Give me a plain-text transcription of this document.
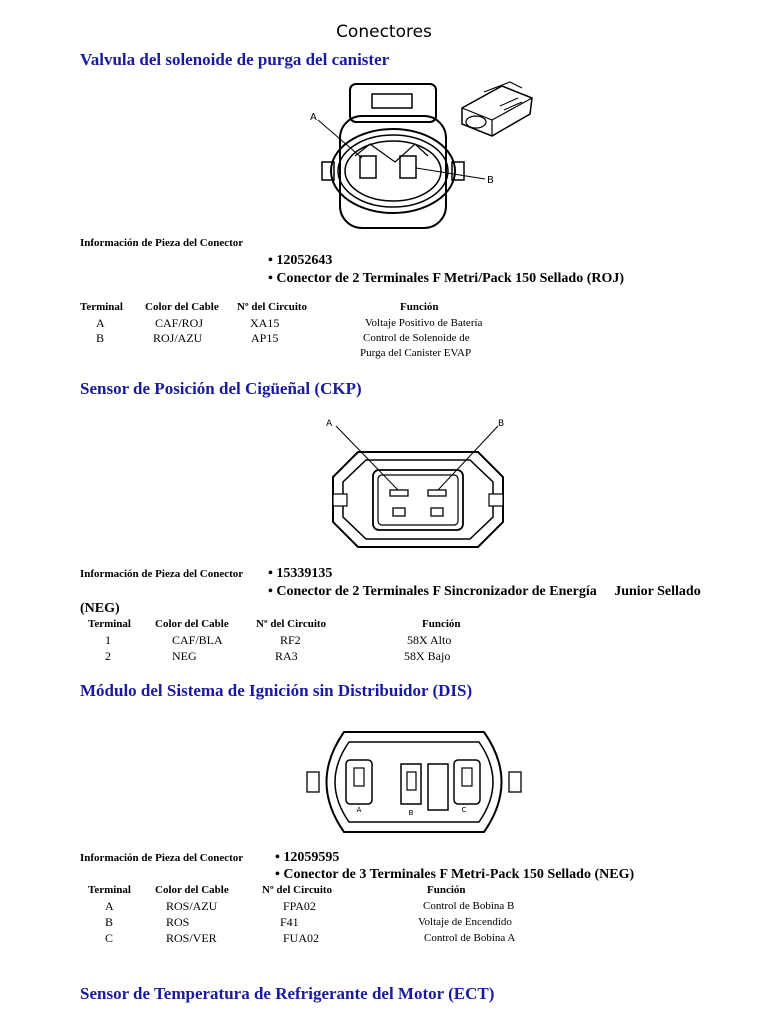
Conectores
Valvula del solenoide de purga del canister
A
B
Información de Pieza del Conector
• 12052643
• Conector de 2 Terminales F Metri/Pack 150 Sellado (ROJ)
Terminal Color del Cable Nº del Circuito	Función
A	CAF/ROJ	XA15	Voltaje Positivo de Batería
B	ROJ/AZU	AP15	Control de Solenoide de
Purga del Canister EVAP
Sensor de Posición del Cigüeñal (CKP)
A	B
Información de Pieza del Conector • 15339135
• Conector de 2 Terminales F Sincronizador de Energía     Junior Sellado
(NEG)
Terminal Color del Cable Nº del Circuito	Función
1	CAF/BLA	RF2	58X Alto
2	NEG	RA3	58X Bajo
Módulo del Sistema de Ignición sin Distribuidor (DIS)
A	B	C
Información de Pieza del Conector • 12059595
• Conector de 3 Terminales F Metri-Pack 150 Sellado (NEG)
Terminal Color del Cable	Nº del Circuito	Función
A	ROS/AZU	FPA02	Control de Bobina B
B	ROS	F41	Voltaje de Encendido
C	ROS/VER	FUA02	Control de Bobina A
Sensor de Temperatura de Refrigerante del Motor (ECT)
